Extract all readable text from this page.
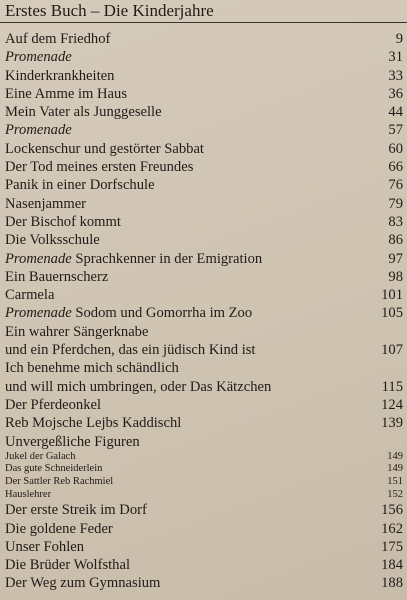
Erstes Buch – Die Kinderjahre
Auf dem Friedhof	9
Promenade	31
Kinderkrankheiten	33
Eine Amme im Haus	36
Mein Vater als Junggeselle	44
Promenade	57
Lockenschur und gestörter Sabbat	60
Der Tod meines ersten Freundes	66
Panik in einer Dorfschule	76
Nasenjammer	79
Der Bischof kommt	83
Die Volksschule	86
Promenade Sprachkenner in der Emigration	97
Ein Bauernscherz	98
Carmela	101
Promenade Sodom und Gomorrha im Zoo	105
Ein wahrer Sängerknabe
und ein Pferdchen, das ein jüdisch Kind ist	107
Ich benehme mich schändlich
und will mich umbringen, oder Das Kätzchen	115
Der Pferdeonkel	124
Reb Mojsche Lejbs Kaddischl	139
Unvergeßliche Figuren
Jukel der Galach	149
Das gute Schneiderlein	149
Der Sattler Reb Rachmiel	151
Hauslehrer	152
Der erste Streik im Dorf	156
Die goldene Feder	162
Unser Fohlen	175
Die Brüder Wolfsthal	184
Der Weg zum Gymnasium	188
